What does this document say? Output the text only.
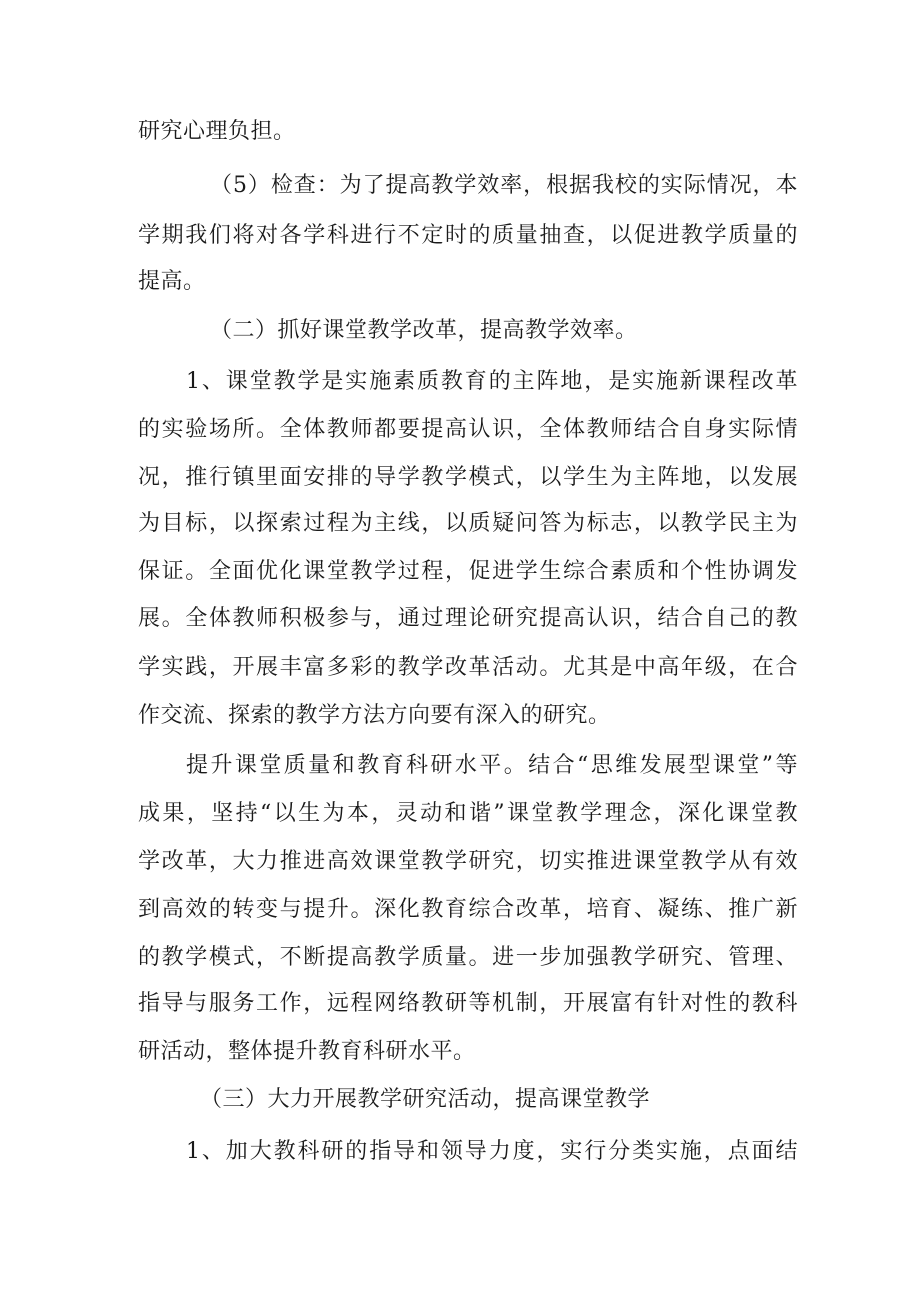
研究心理负担。

（5）检查：为了提高教学效率，根据我校的实际情况，本

学期我们将对各学科进行不定时的质量抽查，以促进教学质量的

提高。

（二）抓好课堂教学改革，提高教学效率。

1、课堂教学是实施素质教育的主阵地，是实施新课程改革

的实验场所。全体教师都要提高认识，全体教师结合自身实际情

况，推行镇里面安排的导学教学模式，以学生为主阵地，以发展

为目标，以探索过程为主线，以质疑问答为标志，以教学民主为

保证。全面优化课堂教学过程，促进学生综合素质和个性协调发

展。全体教师积极参与，通过理论研究提高认识，结合自己的教

学实践，开展丰富多彩的教学改革活动。尤其是中高年级，在合

作交流、探索的教学方法方向要有深入的研究。

提升课堂质量和教育科研水平。结合“思维发展型课堂”等

成果，坚持“以生为本，灵动和谐”课堂教学理念，深化课堂教

学改革，大力推进高效课堂教学研究，切实推进课堂教学从有效

到高效的转变与提升。深化教育综合改革，培育、凝练、推广新

的教学模式，不断提高教学质量。进一步加强教学研究、管理、

指导与服务工作，远程网络教研等机制，开展富有针对性的教科

研活动，整体提升教育科研水平。

（三）大力开展教学研究活动，提高课堂教学

1、加大教科研的指导和领导力度，实行分类实施，点面结
